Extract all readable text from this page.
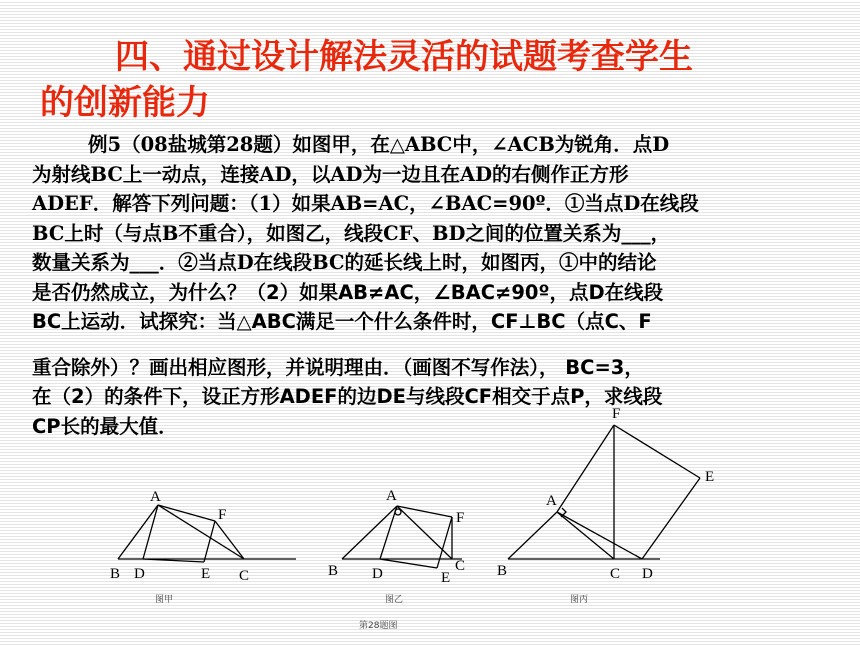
四、通过设计解法灵活的试题考查学生
的创新能力

例5（08盐城第28题）如图甲，在△ABC中，∠ACB为锐角．点D

为射线BC上一动点，连接AD，以AD为一边且在AD的右侧作正方形

ADEF．解答下列问题：（1）如果AB=AC，∠BAC=90º．①当点D在线段

BC上时（与点B不重合），如图乙，线段CF、BD之间的位置关系为___，

数量关系为___．②当点D在线段BC的延长线上时，如图丙，①中的结论

是否仍然成立，为什么？（2）如果AB≠AC，∠BAC≠90º，点D在线段

BC上运动．试探究：当△ABC满足一个什么条件时，CF⊥BC（点C、F

重合除外）？画出相应图形，并说明理由．（画图不写作法）， BC=3，

在（2）的条件下，设正方形ADEF的边DE与线段CF相交于点P，求线段

CP长的最大值．

A
B D	E C
F
图甲
A
B D	E
C
F
图乙
A
B	C D
E
F
图丙
第28题图
